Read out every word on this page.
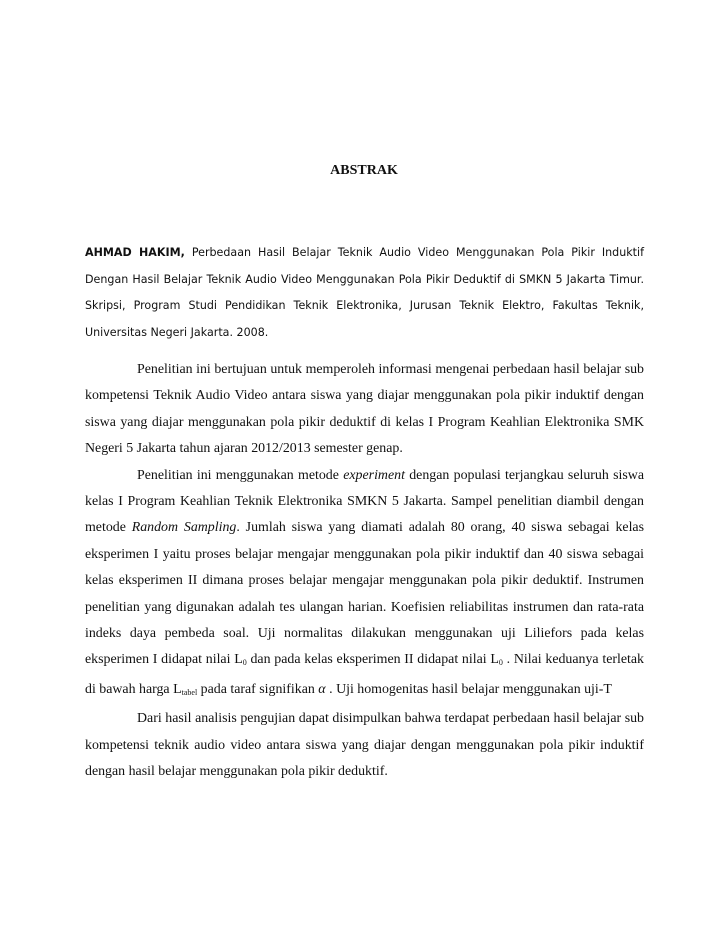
ABSTRAK
AHMAD HAKIM, Perbedaan Hasil Belajar Teknik Audio Video Menggunakan Pola Pikir Induktif Dengan Hasil Belajar Teknik Audio Video Menggunakan Pola Pikir Deduktif di SMKN 5 Jakarta Timur. Skripsi, Program Studi Pendidikan Teknik Elektronika, Jurusan Teknik Elektro, Fakultas Teknik, Universitas Negeri Jakarta. 2008.

Penelitian ini bertujuan untuk memperoleh informasi mengenai perbedaan hasil belajar sub kompetensi Teknik Audio Video antara siswa yang diajar menggunakan pola pikir induktif dengan siswa yang diajar menggunakan pola pikir deduktif di kelas I Program Keahlian Elektronika SMK Negeri 5 Jakarta tahun ajaran 2012/2013 semester genap.

Penelitian ini menggunakan metode experiment dengan populasi terjangkau seluruh siswa kelas I Program Keahlian Teknik Elektronika SMKN 5 Jakarta. Sampel penelitian diambil dengan metode Random Sampling. Jumlah siswa yang diamati adalah 80 orang, 40 siswa sebagai kelas eksperimen I yaitu proses belajar mengajar menggunakan pola pikir induktif dan 40 siswa sebagai kelas eksperimen II dimana proses belajar mengajar menggunakan pola pikir deduktif. Instrumen penelitian yang digunakan adalah tes ulangan harian. Koefisien reliabilitas instrumen dan rata-rata indeks daya pembeda soal. Uji normalitas dilakukan menggunakan uji Liliefors pada kelas eksperimen I didapat nilai $L_0$ dan pada kelas eksperimen II didapat nilai $L_0$ . Nilai keduanya terletak di bawah harga $L_{tabel}$ pada taraf signifikan α . Uji homogenitas hasil belajar menggunakan uji-T

Dari hasil analisis pengujian dapat disimpulkan bahwa terdapat perbedaan hasil belajar sub kompetensi teknik audio video antara siswa yang diajar dengan menggunakan pola pikir induktif dengan hasil belajar menggunakan pola pikir deduktif.
